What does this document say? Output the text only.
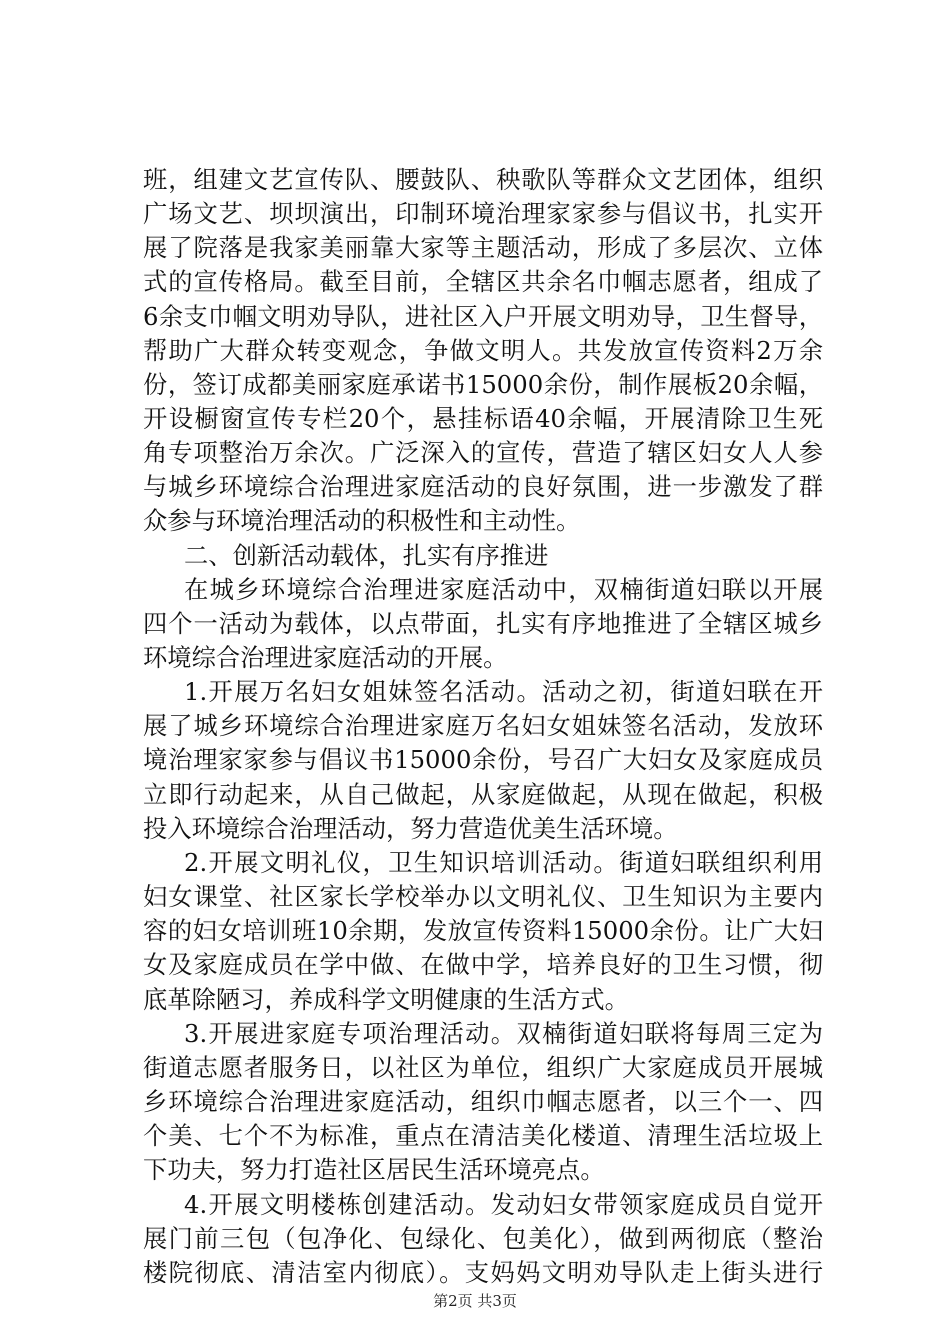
班，组建文艺宣传队、腰鼓队、秧歌队等群众文艺团体，组织
广场文艺、坝坝演出，印制环境治理家家参与倡议书，扎实开
展了院落是我家美丽靠大家等主题活动，形成了多层次、立体
式的宣传格局。截至目前，全辖区共余名巾帼志愿者，组成了
6余支巾帼文明劝导队，进社区入户开展文明劝导，卫生督导，
帮助广大群众转变观念，争做文明人。共发放宣传资料2万余
份，签订成都美丽家庭承诺书15000余份，制作展板20余幅，
开设橱窗宣传专栏20个，悬挂标语40余幅，开展清除卫生死
角专项整治万余次。广泛深入的宣传，营造了辖区妇女人人参
与城乡环境综合治理进家庭活动的良好氛围，进一步激发了群
众参与环境治理活动的积极性和主动性。
二、创新活动载体，扎实有序推进
在城乡环境综合治理进家庭活动中，双楠街道妇联以开展
四个一活动为载体，以点带面，扎实有序地推进了全辖区城乡
环境综合治理进家庭活动的开展。
1.开展万名妇女姐妹签名活动。活动之初，街道妇联在开
展了城乡环境综合治理进家庭万名妇女姐妹签名活动，发放环
境治理家家参与倡议书15000余份，号召广大妇女及家庭成员
立即行动起来，从自己做起，从家庭做起，从现在做起，积极
投入环境综合治理活动，努力营造优美生活环境。
2.开展文明礼仪，卫生知识培训活动。街道妇联组织利用
妇女课堂、社区家长学校举办以文明礼仪、卫生知识为主要内
容的妇女培训班10余期，发放宣传资料15000余份。让广大妇
女及家庭成员在学中做、在做中学，培养良好的卫生习惯，彻
底革除陋习，养成科学文明健康的生活方式。
3.开展进家庭专项治理活动。双楠街道妇联将每周三定为
街道志愿者服务日，以社区为单位，组织广大家庭成员开展城
乡环境综合治理进家庭活动，组织巾帼志愿者，以三个一、四
个美、七个不为标准，重点在清洁美化楼道、清理生活垃圾上
下功夫，努力打造社区居民生活环境亮点。
4.开展文明楼栋创建活动。发动妇女带领家庭成员自觉开
展门前三包（包净化、包绿化、包美化），做到两彻底（整治
楼院彻底、清洁室内彻底）。支妈妈文明劝导队走上街头进行
第2页 共3页
